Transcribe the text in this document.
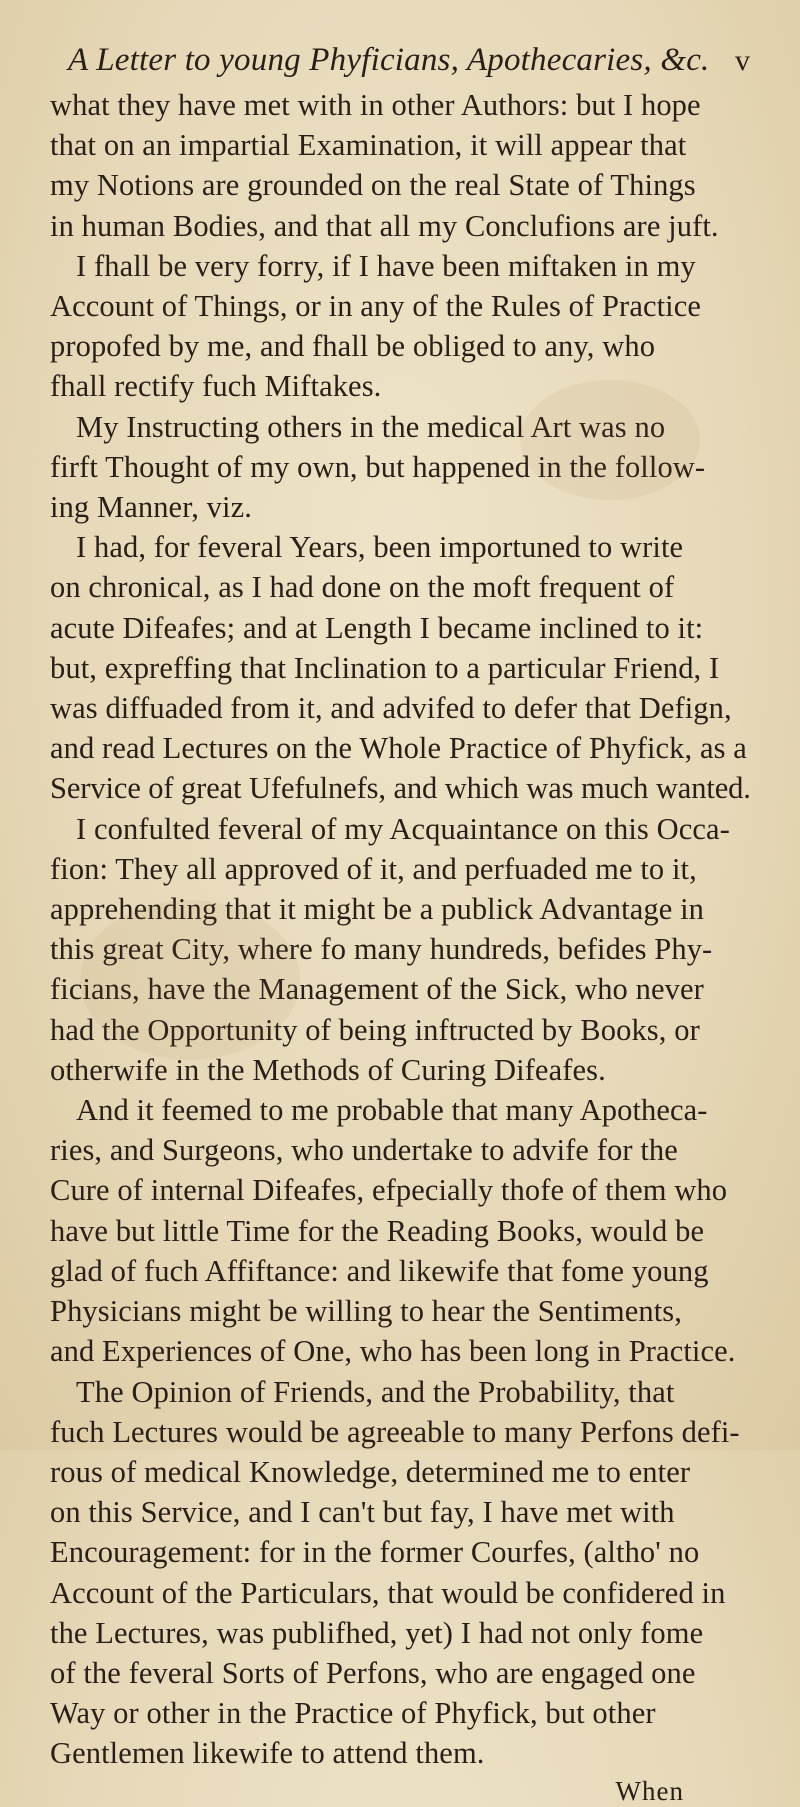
A Letter to young Phyficians, Apothecaries, &c. v

what they have met with in other Authors: but I hope

that on an impartial Examination, it will appear that

my Notions are grounded on the real State of Things

in human Bodies, and that all my Conclufions are juft.

I fhall be very forry, if I have been miftaken in my

Account of Things, or in any of the Rules of Practice

propofed by me, and fhall be obliged to any, who

fhall rectify fuch Miftakes.

My Instructing others in the medical Art was no

firft Thought of my own, but happened in the follow-

ing Manner, viz.

I had, for feveral Years, been importuned to write

on chronical, as I had done on the moft frequent of

acute Difeafes; and at Length I became inclined to it:

but, expreffing that Inclination to a particular Friend, I

was diffuaded from it, and advifed to defer that Defign,

and read Lectures on the Whole Practice of Phyfick, as a

Service of great Ufefulnefs, and which was much wanted.

I confulted feveral of my Acquaintance on this Occa-

fion: They all approved of it, and perfuaded me to it,

apprehending that it might be a publick Advantage in

this great City, where fo many hundreds, befides Phy-

ficians, have the Management of the Sick, who never

had the Opportunity of being inftructed by Books, or

otherwife in the Methods of Curing Difeafes.

And it feemed to me probable that many Apotheca-

ries, and Surgeons, who undertake to advife for the

Cure of internal Difeafes, efpecially thofe of them who

have but little Time for the Reading Books, would be

glad of fuch Affiftance: and likewife that fome young

Physicians might be willing to hear the Sentiments,

and Experiences of One, who has been long in Practice.

The Opinion of Friends, and the Probability, that

fuch Lectures would be agreeable to many Perfons defi-

rous of medical Knowledge, determined me to enter

on this Service, and I can't but fay, I have met with

Encouragement: for in the former Courfes, (altho' no

Account of the Particulars, that would be confidered in

the Lectures, was publifhed, yet) I had not only fome

of the feveral Sorts of Perfons, who are engaged one

Way or other in the Practice of Phyfick, but other

Gentlemen likewife to attend them.

When
